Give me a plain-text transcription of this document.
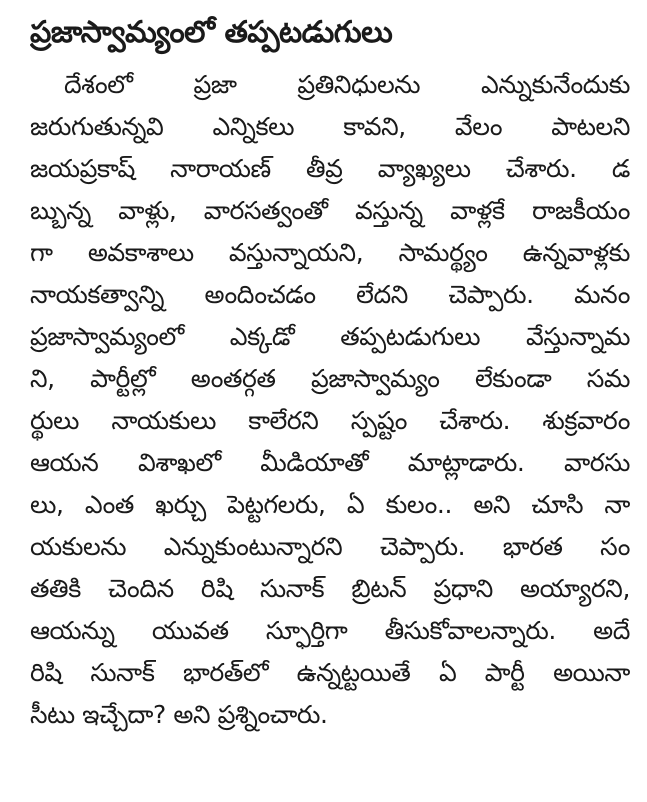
ప్రజాస్వామ్యంలో తప్పటడుగులు
దేశంలో ప్రజా ప్రతినిధులను ఎన్నుకునేందుకు
జరుగుతున్నవి ఎన్నికలు కావని, వేలం పాటలని
జయప్రకాష్ నారాయణ్ తీవ్ర వ్యాఖ్యలు చేశారు. డ
బ్బున్న వాళ్లు, వారసత్వంతో వస్తున్న వాళ్లకే రాజకీయం
గా అవకాశాలు వస్తున్నాయని, సామర్థ్యం ఉన్నవాళ్లకు
నాయకత్వాన్ని అందించడం లేదని చెప్పారు. మనం
ప్రజాస్వామ్యంలో ఎక్కడో తప్పటడుగులు వేస్తున్నామ
ని, పార్టీల్లో అంతర్గత ప్రజాస్వామ్యం లేకుండా సమ
ర్థులు నాయకులు కాలేరని స్పష్టం చేశారు. శుక్రవారం
ఆయన విశాఖలో మీడియాతో మాట్లాడారు. వారసు
లు, ఎంత ఖర్చు పెట్టగలరు, ఏ కులం.. అని చూసి నా
యకులను ఎన్నుకుంటున్నారని చెప్పారు. భారత సం
తతికి చెందిన రిషి సునాక్ బ్రిటన్ ప్రధాని అయ్యారని,
ఆయన్ను యువత స్ఫూర్తిగా తీసుకోవాలన్నారు. అదే
రిషి సునాక్ భారత్‌లో ఉన్నట్టయితే ఏ పార్టీ అయినా
సీటు ఇచ్చేదా? అని ప్రశ్నించారు.
